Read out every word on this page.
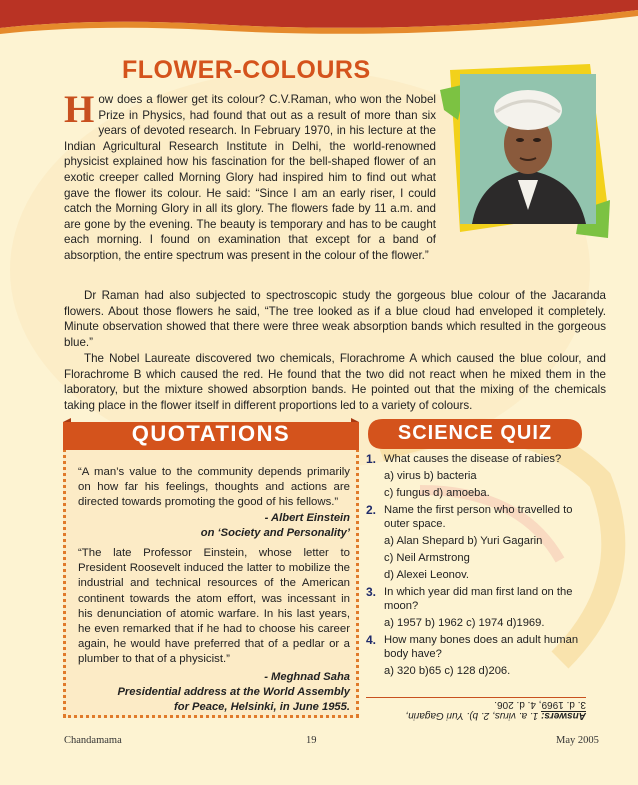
FLOWER-COLOURS

How does a flower get its colour? C.V.Raman, who won the Nobel Prize in Physics, had found that out as a result of more than six years of devoted research. In February 1970, in his lecture at the Indian Agricultural Research Institute in Delhi, the world-renowned physicist explained how his fascination for the bell-shaped flower of an exotic creeper called Morning Glory had inspired him to find out what gave the flower its colour. He said: “Since I am an early riser, I could catch the Morning Glory in all its glory. The flowers fade by 11 a.m. and are gone by the evening. The beauty is temporary and has to be caught each morning. I found on examination that except for a band of absorption, the entire spectrum was present in the colour of the flower.”

Dr Raman had also subjected to spectroscopic study the gorgeous blue colour of the Jacaranda flowers. About those flowers he said, “The tree looked as if a blue cloud had enveloped it completely. Minute observation showed that there were three weak absorption bands which resulted in the gorgeous blue.”

The Nobel Laureate discovered two chemicals, Florachrome A which caused the blue colour, and Florachrome B which caused the red. He found that the two did not react when he mixed them in the laboratory, but the mixture showed absorption bands. He pointed out that the mixing of the chemicals taking place in the flower itself in different proportions led to a variety of colours.

“A man’s value to the community depends primarily on how far his feelings, thoughts and actions are directed towards promoting the good of his fellows.”

- Albert Einstein

on ‘Society and Personality’

“The late Professor Einstein, whose letter to President Roosevelt induced the latter to mobilize the industrial and technical resources of the American continent towards the atom effort, was incessant in his denunciation of atomic warfare. In his last years, he even remarked that if he had to choose his career again, he would have preferred that of a pedlar or a plumber to that of a physicist.”

- Meghnad Saha

Presidential address at the World Assembly

for Peace, Helsinki, in June 1955.

QUOTATIONS	SCIENCE QUIZ
1. What causes the disease of rabies?

a) virus b) bacteria

c) fungus d) amoeba.

2. Name the first person who travelled to outer space.

a) Alan Shepard b) Yuri Gagarin

c) Neil Armstrong

d) Alexei Leonov.

3. In which year did man first land on the moon?

a) 1957 b) 1962 c) 1974 d)1969.

4. How many bones does an adult human body have?

a) 320 b)65 c) 128 d)206.

Answers: 1. a. virus, 2. b). Yuri Gagarin,

3. d. 1969, 4. d. 206.

Chandamama	19	May 2005
